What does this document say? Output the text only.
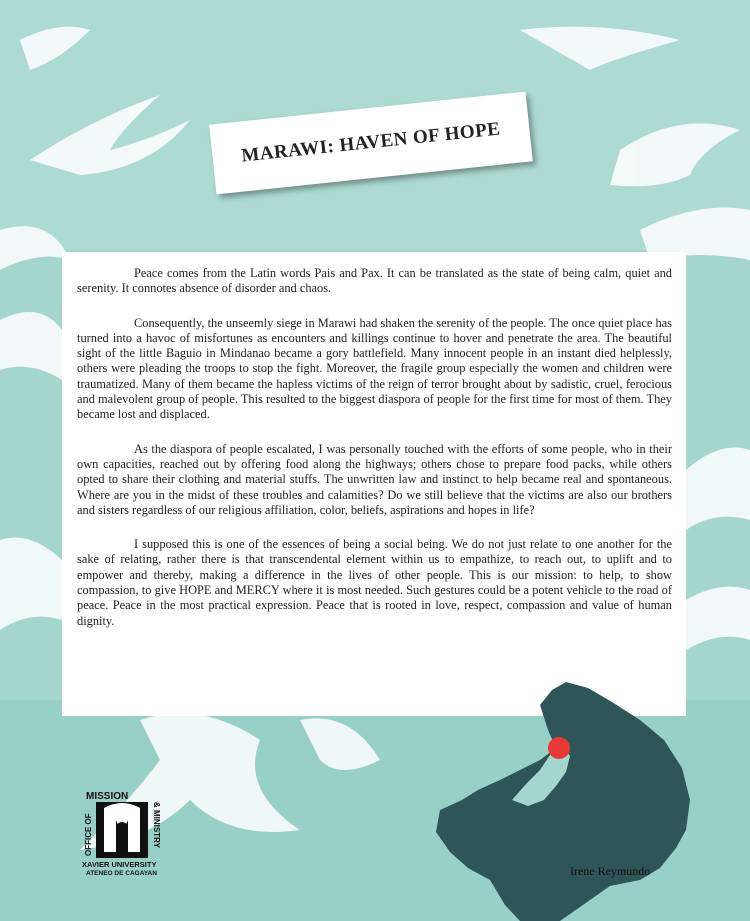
MARAWI: HAVEN OF HOPE

Peace comes from the Latin words Pais and Pax. It can be translated as the state of being calm, quiet and serenity. It connotes absence of disorder and chaos.

Consequently, the unseemly siege in Marawi had shaken the serenity of the people. The once quiet place has turned into a havoc of misfortunes as encounters and killings continue to hover and penetrate the area. The beautiful sight of the little Baguio in Mindanao became a gory battlefield. Many innocent people in an instant died helplessly, others were pleading the troops to stop the fight. Moreover, the fragile group especially the women and children were traumatized. Many of them became the hapless victims of the reign of terror brought about by sadistic, cruel, ferocious and malevolent group of people. This resulted to the biggest diaspora of people for the first time for most of them. They became lost and displaced.

As the diaspora of people escalated, I was personally touched with the efforts of some people, who in their own capacities, reached out by offering food along the highways; others chose to prepare food packs, while others opted to share their clothing and material stuffs. The unwritten law and instinct to help became real and spontaneous. Where are you in the midst of these troubles and calamities? Do we still believe that the victims are also our brothers and sisters regardless of our religious affiliation, color, beliefs, aspirations and hopes in life?

I supposed this is one of the essences of being a social being. We do not just relate to one another for the sake of relating, rather there is that transcendental element within us to empathize, to reach out, to uplift and to empower and thereby, making a difference in the lives of other people. This is our mission: to help, to show compassion, to give HOPE and MERCY where it is most needed. Such gestures could be a potent vehicle to the road of peace. Peace in the most practical expression. Peace that is rooted in love, respect, compassion and value of human dignity.

Irene Reymundo
MISSION
OFFICE OF	& MINISTRY
XAVIER UNIVERSITY
ATENEO DE CAGAYAN
